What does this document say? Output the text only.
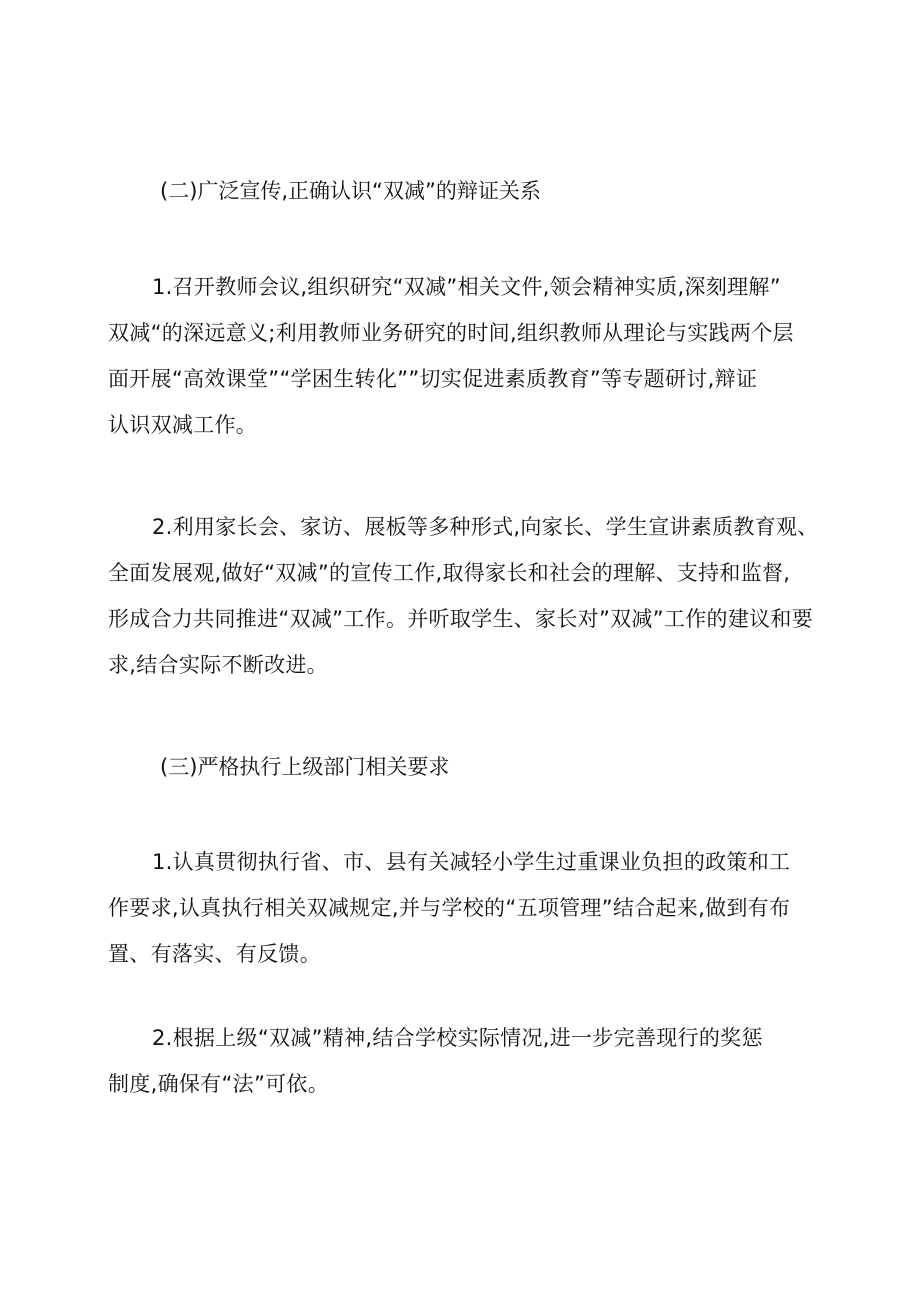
(二)广泛宣传,正确认识“双减”的辩证关系

1.召开教师会议,组织研究“双减”相关文件,领会精神实质,深刻理解”
双减“的深远意义;利用教师业务研究的时间,组织教师从理论与实践两个层
面开展“高效课堂”“学困生转化””切实促进素质教育”等专题研讨,辩证
认识双减工作。

2.利用家长会、家访、展板等多种形式,向家长、学生宣讲素质教育观、
全面发展观,做好“双减”的宣传工作,取得家长和社会的理解、支持和监督,
形成合力共同推进“双减”工作。并听取学生、家长对”双减”工作的建议和要
求,结合实际不断改进。

(三)严格执行上级部门相关要求

1.认真贯彻执行省、市、县有关减轻小学生过重课业负担的政策和工
作要求,认真执行相关双减规定,并与学校的“五项管理”结合起来,做到有布
置、有落实、有反馈。

2.根据上级“双减”精神,结合学校实际情况,进一步完善现行的奖惩
制度,确保有“法”可依。
